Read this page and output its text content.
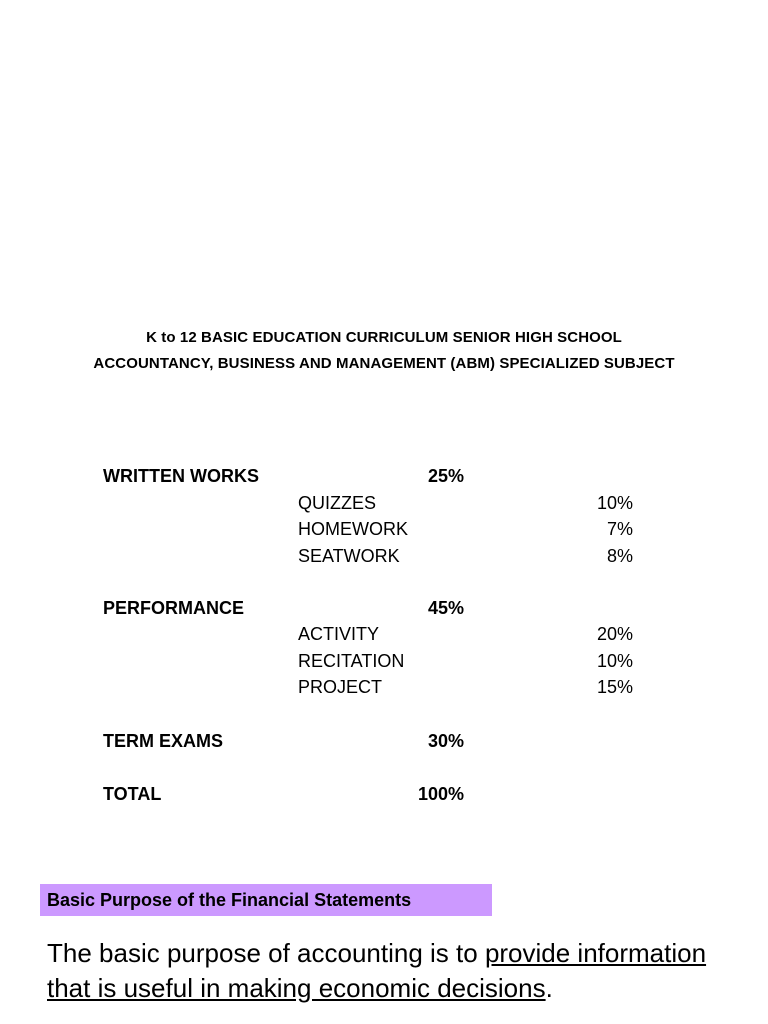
K to 12 BASIC EDUCATION CURRICULUM SENIOR HIGH SCHOOL
ACCOUNTANCY, BUSINESS AND MANAGEMENT (ABM) SPECIALIZED SUBJECT
WRITTEN WORKS	25%
QUIZZES	10%
HOMEWORK	7%
SEATWORK	8%
PERFORMANCE	45%
ACTIVITY	20%
RECITATION	10%
PROJECT	15%
TERM EXAMS	30%
TOTAL	100%
Basic Purpose of the Financial Statements
The basic purpose of accounting is to provide information that is useful in making economic decisions.
